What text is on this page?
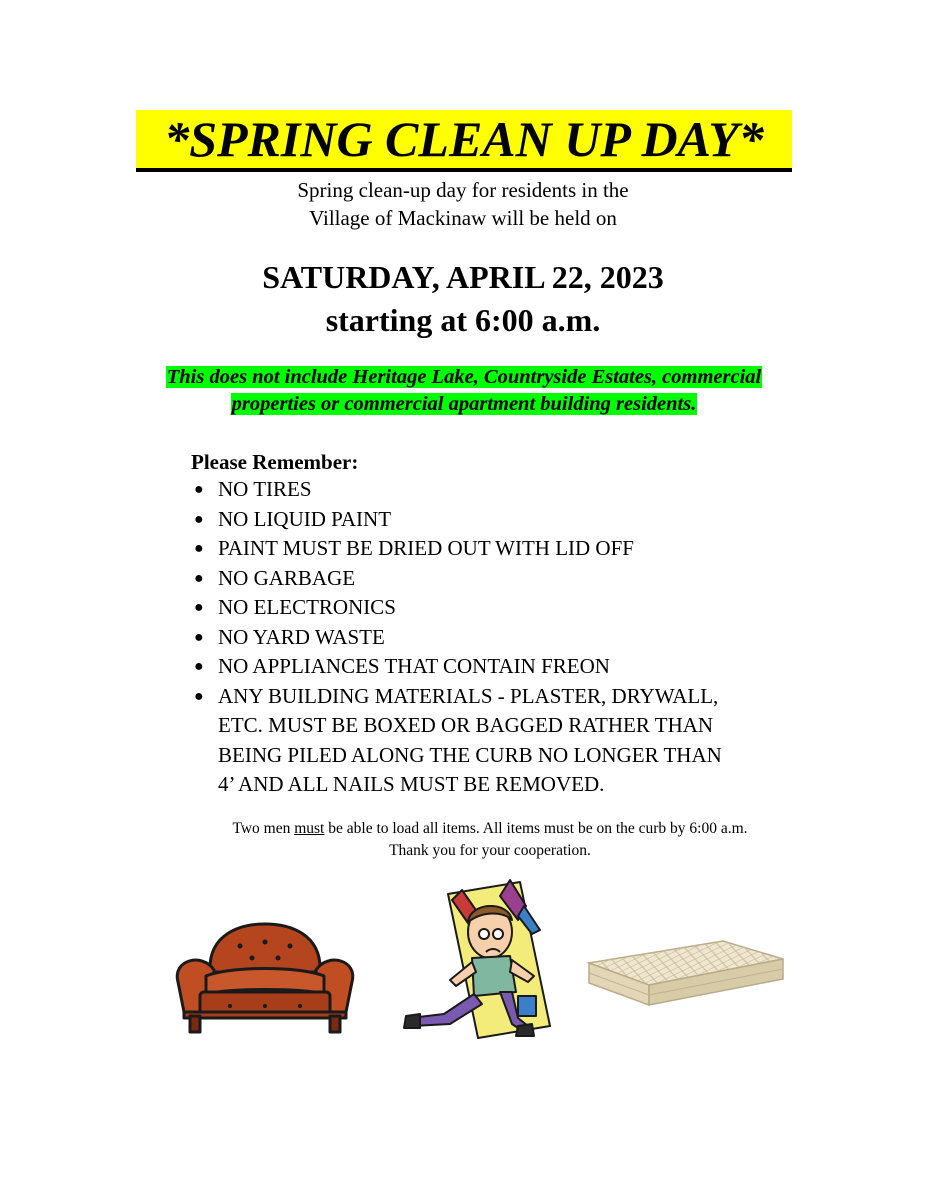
*SPRING CLEAN UP DAY*
Spring clean-up day for residents in the
Village of Mackinaw will be held on
SATURDAY, APRIL 22, 2023
starting at 6:00 a.m.
This does not include Heritage Lake, Countryside Estates, commercial
properties or commercial apartment building residents.
Please Remember:
● NO TIRES
● NO LIQUID PAINT
● PAINT MUST BE DRIED OUT WITH LID OFF
● NO GARBAGE
● NO ELECTRONICS
● NO YARD WASTE
● NO APPLIANCES THAT CONTAIN FREON
● ANY BUILDING MATERIALS - PLASTER, DRYWALL,
ETC. MUST BE BOXED OR BAGGED RATHER THAN
BEING PILED ALONG THE CURB NO LONGER THAN
4’ AND ALL NAILS MUST BE REMOVED.
Two men must be able to load all items. All items must be on the curb by 6:00 a.m.
Thank you for your cooperation.
